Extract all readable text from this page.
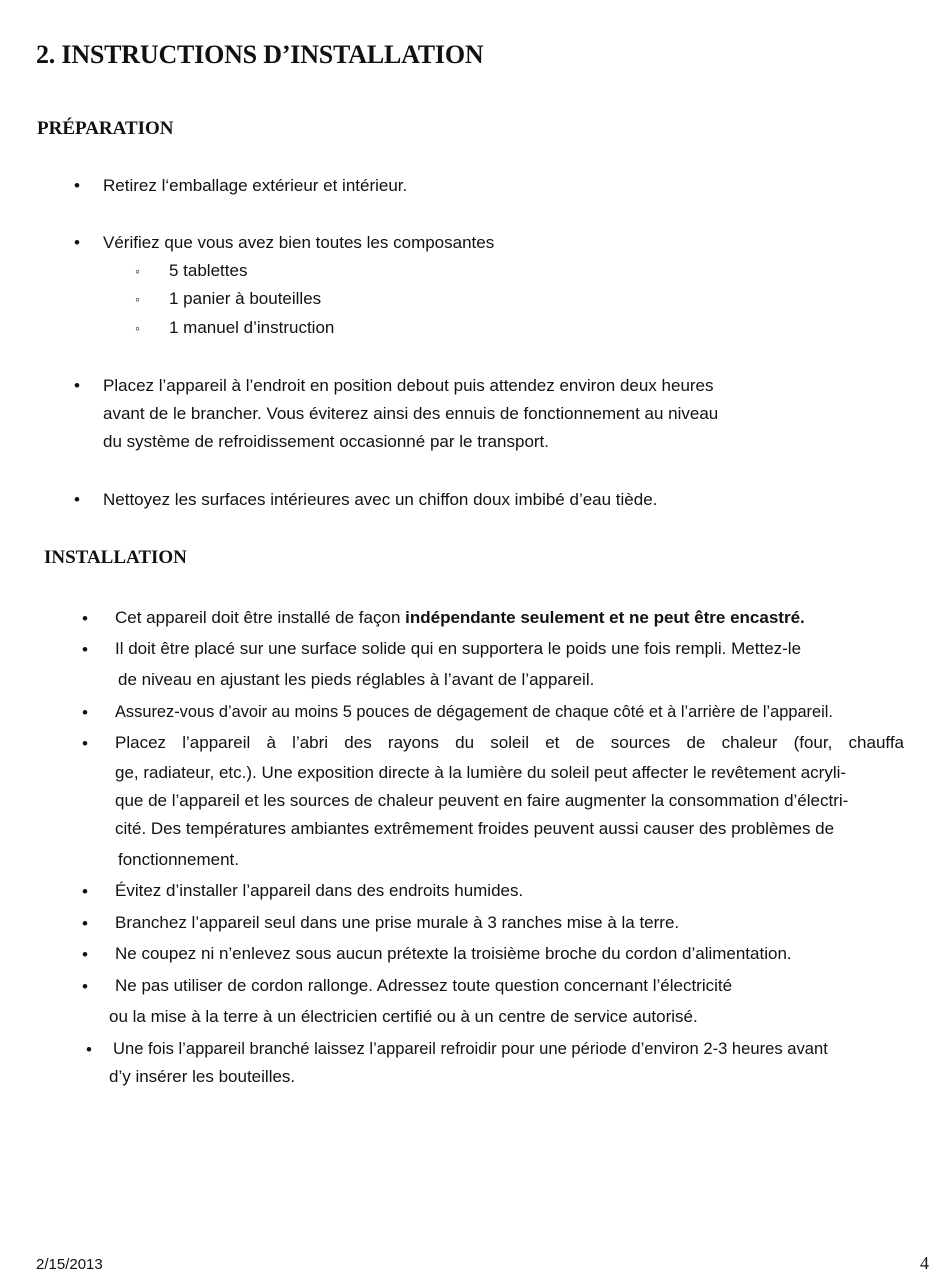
2. INSTRUCTIONS D’INSTALLATION
PRÉPARATION
• Retirez l‘emballage extérieur et intérieur.
• Vérifiez que vous avez bien toutes les composantes
◦ 5 tablettes
◦ 1 panier à bouteilles
◦ 1 manuel d’instruction
• Placez l’appareil à l’endroit en position debout puis attendez environ deux heures
avant de le brancher. Vous éviterez ainsi des ennuis de fonctionnement au niveau
du système de refroidissement occasionné par le transport.
• Nettoyez les surfaces intérieures avec un chiffon doux imbibé d’eau tiède.
INSTALLATION
• Cet appareil doit être installé de façon indépendante seulement et ne peut être encastré.
• Il doit être placé sur une surface solide qui en supportera le poids une fois rempli. Mettez-le
de niveau en ajustant les pieds réglables à l’avant de l’appareil.
• Assurez-vous d’avoir au moins 5 pouces de dégagement de chaque côté et à l’arrière de l’appareil.
• Placez l’appareil à l’abri des rayons du soleil et de sources de chaleur (four, chauffa
ge, radiateur, etc.). Une exposition directe à la lumière du soleil peut affecter le revêtement acryli-
que de l’appareil et les sources de chaleur peuvent en faire augmenter la consommation d’électri-
cité. Des températures ambiantes extrêmement froides peuvent aussi causer des problèmes de
fonctionnement.
• Évitez d’installer l’appareil dans des endroits humides.
• Branchez l’appareil seul dans une prise murale à 3 ranches mise à la terre.
• Ne coupez ni n’enlevez sous aucun prétexte la troisième broche du cordon d’alimentation.
• Ne pas utiliser de cordon rallonge. Adressez toute question concernant l’électricité
ou la mise à la terre à un électricien certifié ou à un centre de service autorisé.
• Une fois l’appareil branché laissez l’appareil refroidir pour une période d’environ 2-3 heures avant
d’y insérer les bouteilles.
2/15/2013	4
